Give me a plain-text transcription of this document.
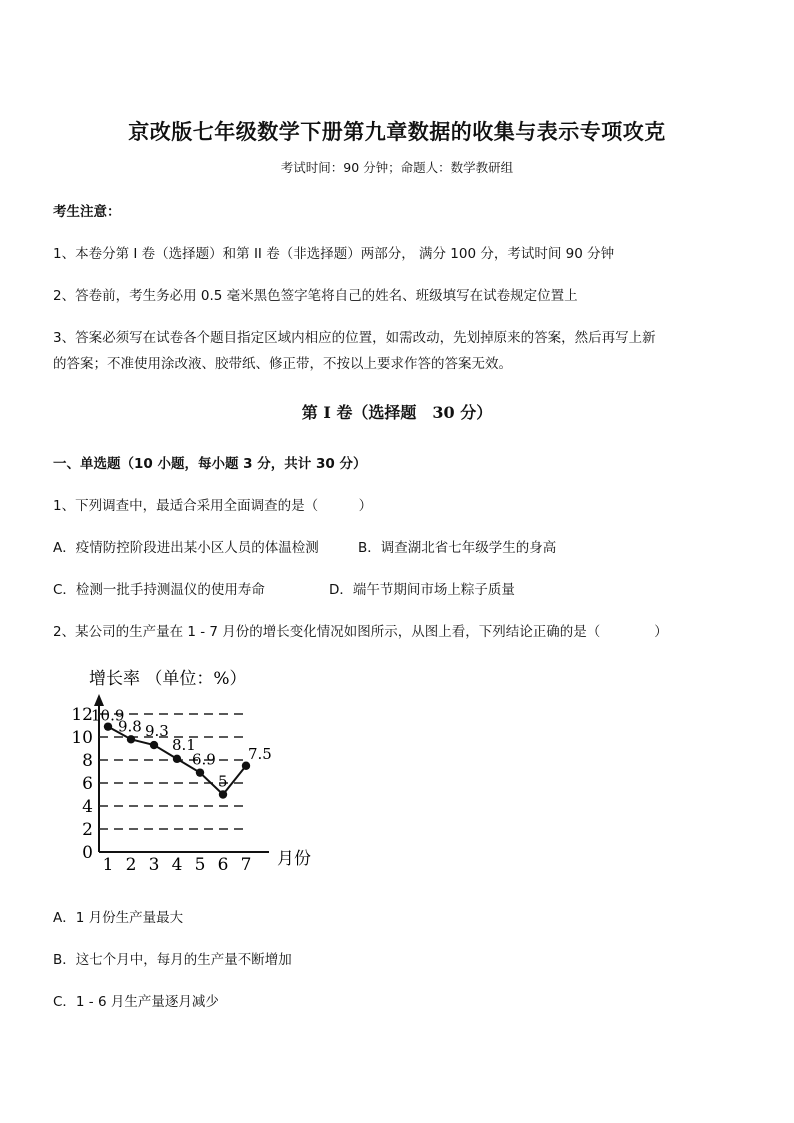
京改版七年级数学下册第九章数据的收集与表示专项攻克
考试时间：90 分钟；命题人：数学教研组
考生注意：
1、本卷分第 I 卷（选择题）和第 II 卷（非选择题）两部分， 满分 100 分，考试时间 90 分钟
2、答卷前，考生务必用 0.5 毫米黑色签字笔将自己的姓名、班级填写在试卷规定位置上
3、答案必须写在试卷各个题目指定区域内相应的位置，如需改动，先划掉原来的答案，然后再写上新
的答案；不准使用涂改液、胶带纸、修正带，不按以上要求作答的答案无效。
第 I 卷（选择题　30 分）
一、单选题（10 小题，每小题 3 分，共计 30 分）
1、下列调查中，最适合采用全面调查的是（　　　）
A．疫情防控阶段进出某小区人员的体温检测	B．调查湖北省七年级学生的身高
C．检测一批手持测温仪的使用寿命	D．端午节期间市场上粽子质量
2、某公司的生产量在 1 - 7 月份的增长变化情况如图所示，从图上看，下列结论正确的是（　　　　）
增长率 （单位：%）
月份
0
2
4
6
8
10
12
1 2 3 4 5 6 7
10.9
9.8 9.3
8.1
6.9
5
7.5
A．1 月份生产量最大
B．这七个月中，每月的生产量不断增加
C．1 - 6 月生产量逐月减少
